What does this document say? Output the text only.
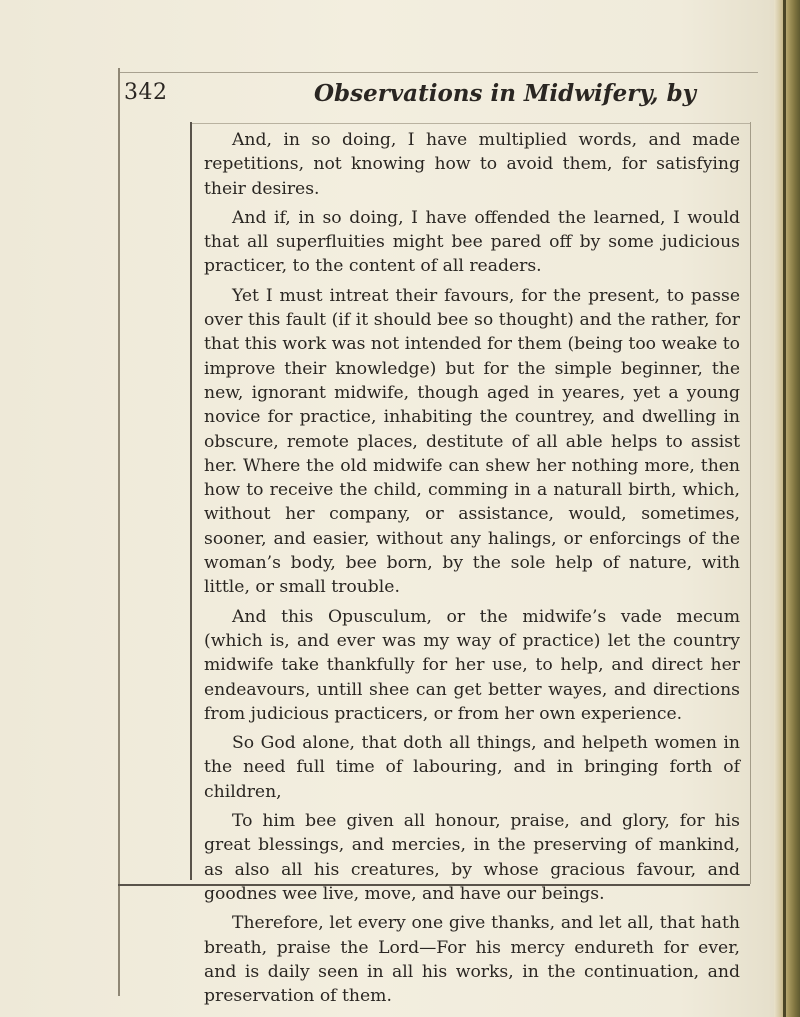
342	Observations in Midwifery, by

And, in so doing, I have multiplied words, and made repetitions, not knowing how to avoid them, for satisfying their desires.

And if, in so doing, I have offended the learned, I would that all superfluities might bee pared off by some judicious practicer, to the content of all readers.

Yet I must intreat their favours, for the present, to passe over this fault (if it should bee so thought) and the rather, for that this work was not intended for them (being too weake to improve their knowledge) but for the simple beginner, the new, ignorant midwife, though aged in yeares, yet a young novice for practice, inhabiting the countrey, and dwelling in obscure, remote places, destitute of all able helps to assist her. Where the old midwife can shew her nothing more, then how to receive the child, comming in a naturall birth, which, without her company, or assistance, would, sometimes, sooner, and easier, without any halings, or enforcings of the woman’s body, bee born, by the sole help of nature, with little, or small trouble.

And this Opusculum, or the midwife’s vade mecum (which is, and ever was my way of practice) let the country midwife take thankfully for her use, to help, and direct her endeavours, untill shee can get better wayes, and directions from judicious practicers, or from her own experience.

So God alone, that doth all things, and helpeth women in the need full time of labouring, and in bringing forth of children,

To him bee given all honour, praise, and glory, for his great blessings, and mercies, in the preserving of mankind, as also all his creatures, by whose gracious favour, and goodnes wee live, move, and have our beings.

Therefore, let every one give thanks, and let all, that hath breath, praise the Lord—For his mercy endureth for ever, and is daily seen in all his works, in the continuation, and preservation of them.
